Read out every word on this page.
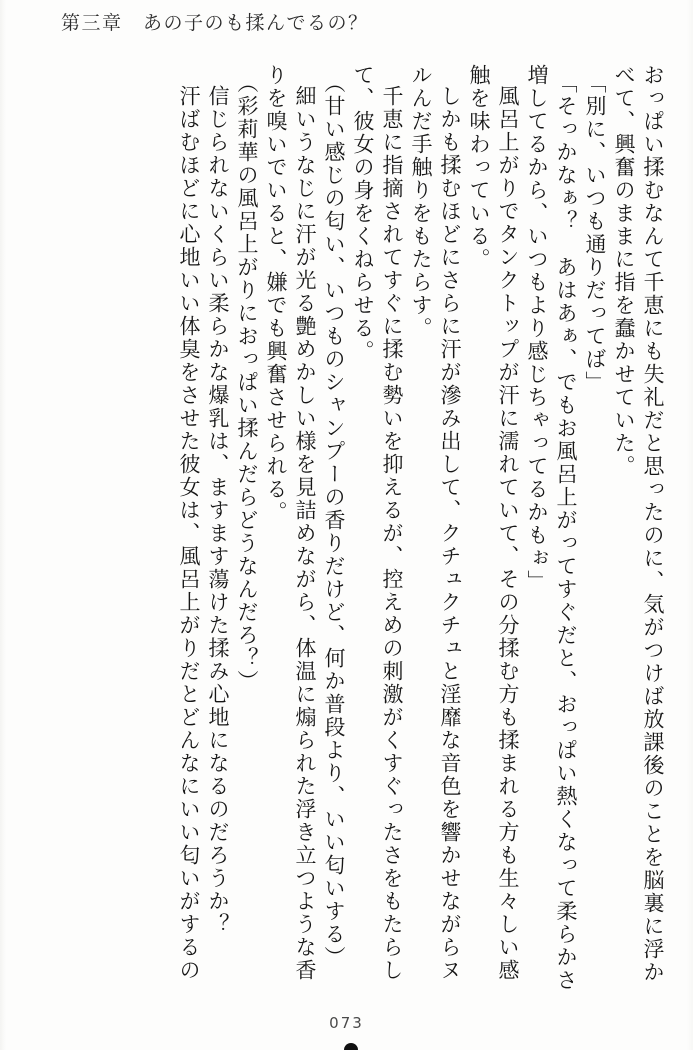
第三章　あの子のも揉んでるの？

おっぱい揉むなんて千恵にも失礼だと思ったのに、気がつけば放課後のことを脳裏に浮か

べて、興奮のままに指を蠢かせていた。

「別に、いつも通りだってば」

「そっかなぁ？　あはあぁ、でもお風呂上がってすぐだと、おっぱい熱くなって柔らかさ

増してるから、いつもより感じちゃってるかもぉ」

風呂上がりでタンクトップが汗に濡れていて、その分揉む方も揉まれる方も生々しい感

触を味わっている。

しかも揉むほどにさらに汗が滲み出して、クチュクチュと淫靡な音色を響かせながらヌ

ルんだ手触りをもたらす。

千恵に指摘されてすぐに揉む勢いを抑えるが、控えめの刺激がくすぐったさをもたらし

て、彼女の身をくねらせる。

（甘い感じの匂い、いつものシャンプーの香りだけど、何か普段より、いい匂いする）

細いうなじに汗が光る艶めかしい様を見詰めながら、体温に煽られた浮き立つような香

りを嗅いでいると、嫌でも興奮させられる。

（彩莉華の風呂上がりにおっぱい揉んだらどうなんだろ？）

信じられないくらい柔らかな爆乳は、ますます蕩けた揉み心地になるのだろうか？

汗ばむほどに心地いい体臭をさせた彼女は、風呂上がりだとどんなにいい匂いがするの

073
